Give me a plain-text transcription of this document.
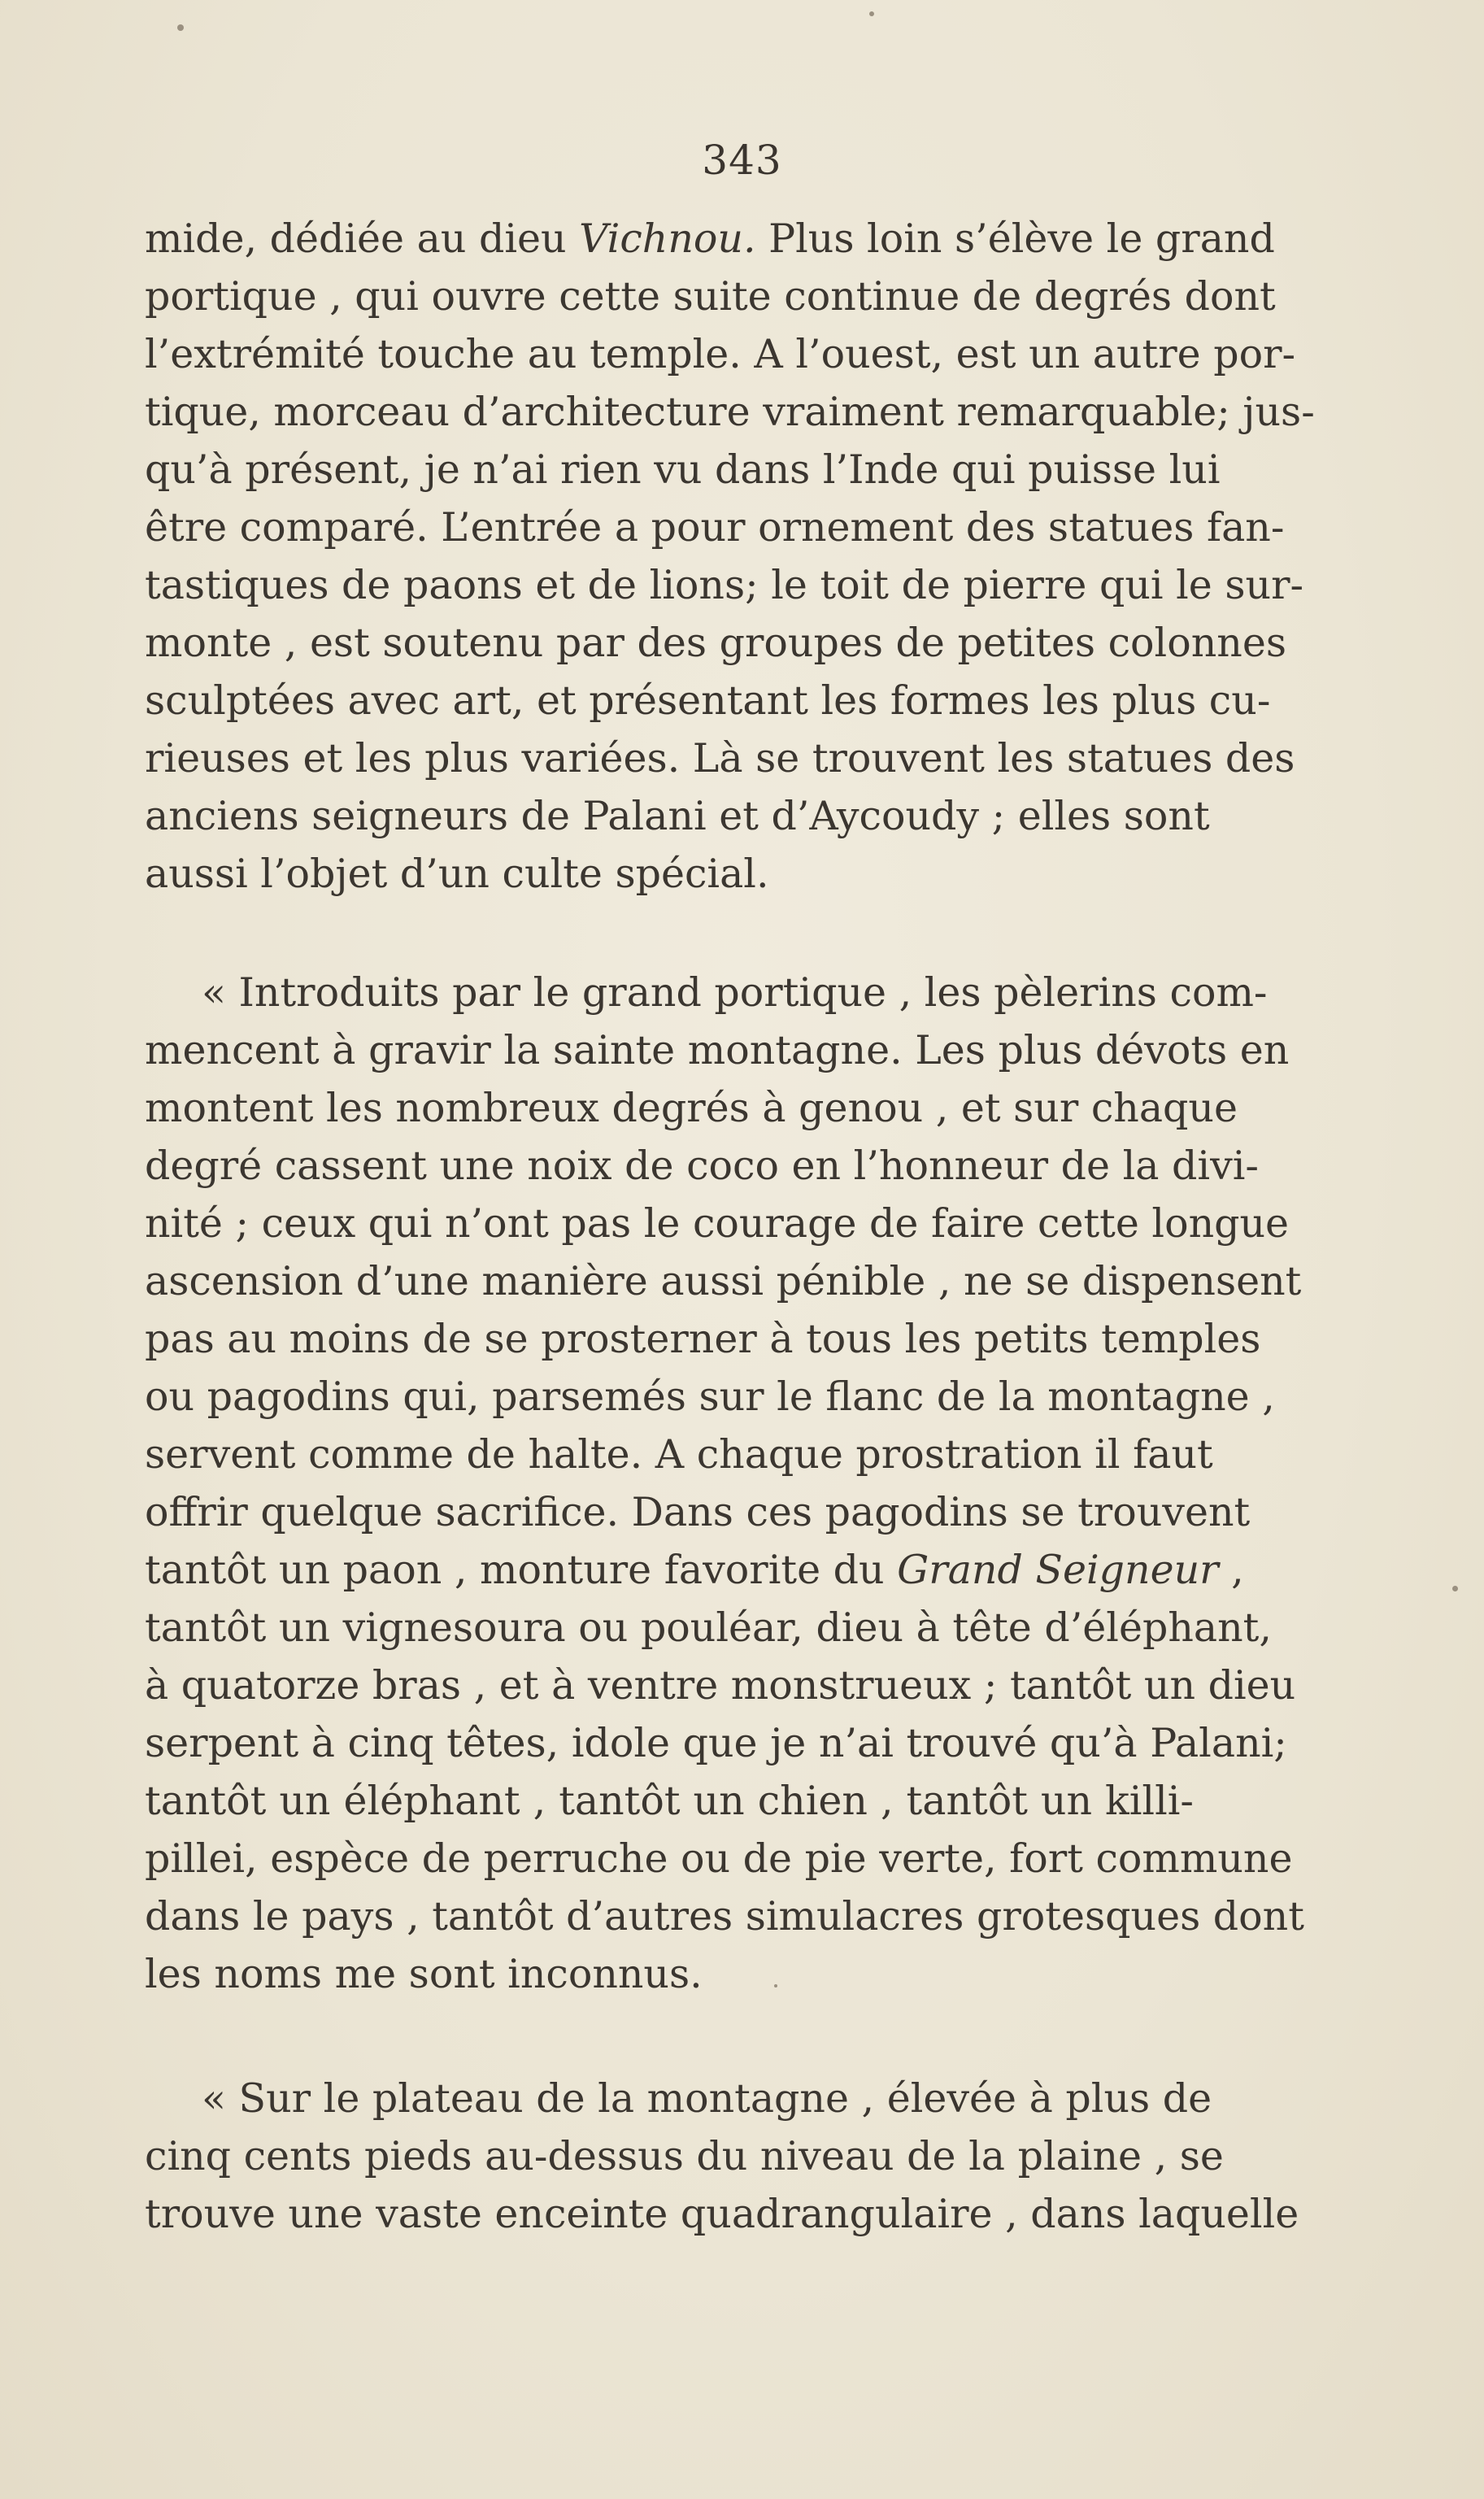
343
mide, dédiée au dieu Vichnou. Plus loin s’élève le grand
portique , qui ouvre cette suite continue de degrés dont
l’extrémité touche au temple. A l’ouest, est un autre por-
tique, morceau d’architecture vraiment remarquable; jus-
qu’à présent, je n’ai rien vu dans l’Inde qui puisse lui
être comparé. L’entrée a pour ornement des statues fan-
tastiques de paons et de lions; le toit de pierre qui le sur-
monte , est soutenu par des groupes de petites colonnes
sculptées avec art, et présentant les formes les plus cu-
rieuses et les plus variées. Là se trouvent les statues des
anciens seigneurs de Palani et d’Aycoudy ; elles sont
aussi l’objet d’un culte spécial.
« Introduits par le grand portique , les pèlerins com-
mencent à gravir la sainte montagne. Les plus dévots en
montent les nombreux degrés à genou , et sur chaque
degré cassent une noix de coco en l’honneur de la divi-
nité ; ceux qui n’ont pas le courage de faire cette longue
ascension d’une manière aussi pénible , ne se dispensent
pas au moins de se prosterner à tous les petits temples
ou pagodins qui, parsemés sur le flanc de la montagne ,
servent comme de halte. A chaque prostration il faut
offrir quelque sacrifice. Dans ces pagodins se trouvent
tantôt un paon , monture favorite du Grand Seigneur ,
tantôt un vignesoura ou pouléar, dieu à tête d’éléphant,
à quatorze bras , et à ventre monstrueux ; tantôt un dieu
serpent à cinq têtes, idole que je n’ai trouvé qu’à Palani;
tantôt un éléphant , tantôt un chien , tantôt un killi-
pillei, espèce de perruche ou de pie verte, fort commune
dans le pays , tantôt d’autres simulacres grotesques dont
les noms me sont inconnus.
« Sur le plateau de la montagne , élevée à plus de
cinq cents pieds au-dessus du niveau de la plaine , se
trouve une vaste enceinte quadrangulaire , dans laquelle
